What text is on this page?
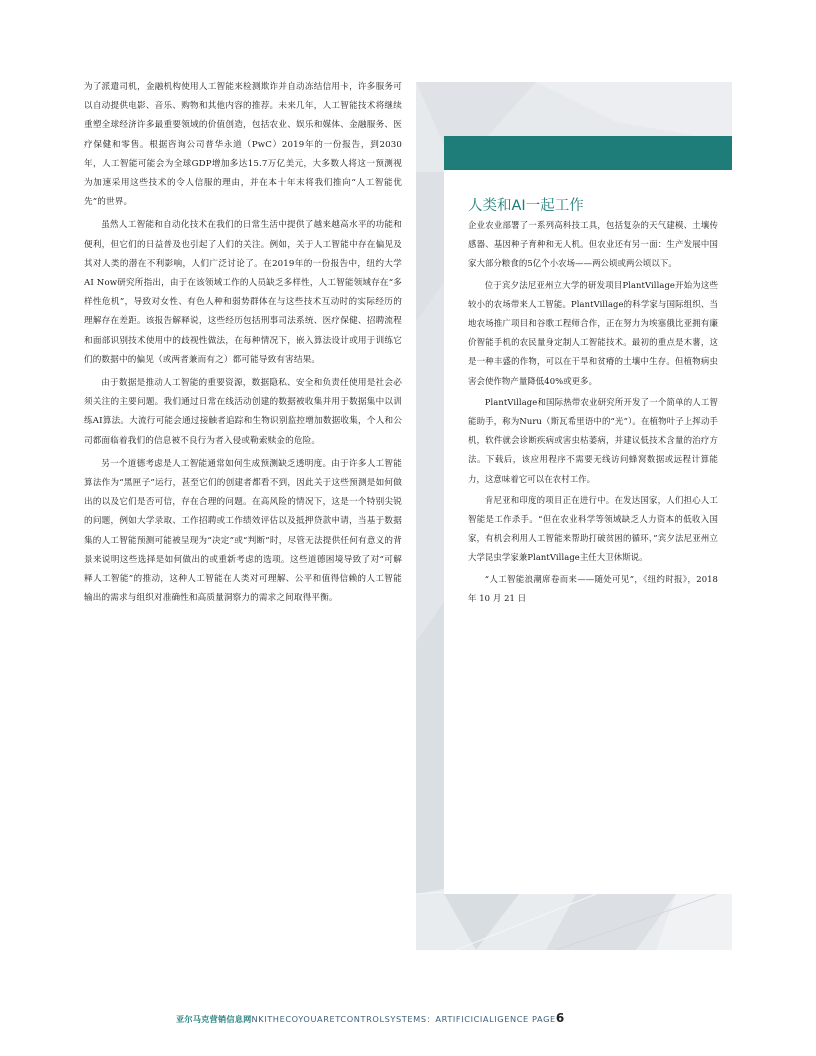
为了派遣司机，金融机构使用人工智能来检测欺诈并自动冻结信用卡，许多服务可以自动提供电影、音乐、购物和其他内容的推荐。未来几年，人工智能技术将继续重塑全球经济许多最重要领域的价值创造，包括农业、娱乐和媒体、金融服务、医疗保健和零售。根据咨询公司普华永道（PwC）2019年的一份报告，到2030年，人工智能可能会为全球GDP增加多达15.7万亿美元，大多数人将这一预测视为加速采用这些技术的令人信服的理由，并在本十年末将我们推向“人工智能优先”的世界。

虽然人工智能和自动化技术在我们的日常生活中提供了越来越高水平的功能和便利，但它们的日益普及也引起了人们的关注。例如，关于人工智能中存在偏见及其对人类的潜在不利影响，人们广泛讨论了。在2019年的一份报告中，纽约大学AI Now研究所指出，由于在该领域工作的人员缺乏多样性，人工智能领域存在“多样性危机”，导致对女性、有色人种和弱势群体在与这些技术互动时的实际经历的理解存在差距。该报告解释说，这些经历包括刑事司法系统、医疗保健、招聘流程和面部识别技术使用中的歧视性做法，在每种情况下，嵌入算法设计或用于训练它们的数据中的偏见（或两者兼而有之）都可能导致有害结果。

由于数据是推动人工智能的重要资源，数据隐私、安全和负责任使用是社会必须关注的主要问题。我们通过日常在线活动创建的数据被收集并用于数据集中以训练AI算法。大流行可能会通过接触者追踪和生物识别监控增加数据收集，个人和公司都面临着我们的信息被不良行为者入侵或勒索赎金的危险。

另一个道德考虑是人工智能通常如何生成预测缺乏透明度。由于许多人工智能算法作为“黑匣子”运行，甚至它们的创建者都看不到，因此关于这些预测是如何做出的以及它们是否可信，存在合理的问题。在高风险的情况下，这是一个特别尖锐的问题，例如大学录取、工作招聘或工作绩效评估以及抵押贷款申请，当基于数据集的人工智能预测可能被呈现为“决定”或“判断”时，尽管无法提供任何有意义的背景来说明这些选择是如何做出的或重新考虑的选项。这些道德困境导致了对“可解释人工智能”的推动，这种人工智能在人类对可理解、公平和值得信赖的人工智能输出的需求与组织对准确性和高质量洞察力的需求之间取得平衡。

人类和AI一起工作

企业农业部署了一系列高科技工具，包括复杂的天气建模、土壤传感器、基因种子育种和无人机。但农业还有另一面：生产发展中国家大部分粮食的5亿个小农场——两公顷或两公顷以下。

位于宾夕法尼亚州立大学的研发项目PlantVillage开始为这些较小的农场带来人工智能。PlantVillage的科学家与国际组织、当地农场推广项目和谷歌工程师合作，正在努力为埃塞俄比亚拥有廉价智能手机的农民量身定制人工智能技术。最初的重点是木薯，这是一种丰盛的作物，可以在干旱和贫瘠的土壤中生存。但植物病虫害会使作物产量降低40%或更多。

PlantVillage和国际热带农业研究所开发了一个简单的人工智能助手，称为Nuru（斯瓦希里语中的“光”）。在植物叶子上挥动手机，软件就会诊断疾病或害虫枯萎病，并建议低技术含量的治疗方法。下载后，该应用程序不需要无线访问蜂窝数据或远程计算能力，这意味着它可以在农村工作。

肯尼亚和印度的项目正在进行中。在发达国家，人们担心人工智能是工作杀手。“但在农业科学等领域缺乏人力资本的低收入国家，有机会利用人工智能来帮助打破贫困的循环，”宾夕法尼亚州立大学昆虫学家兼PlantVillage主任大卫休斯说。

“人工智能浪潮席卷而来——随处可见”，《纽约时报》，2018 年 10 月 21 日

亚尔马克营销信息网NKITHECOYOUARETCONTROLSYSTEMS：ARTIFICICIALIGENCE PAGE6
